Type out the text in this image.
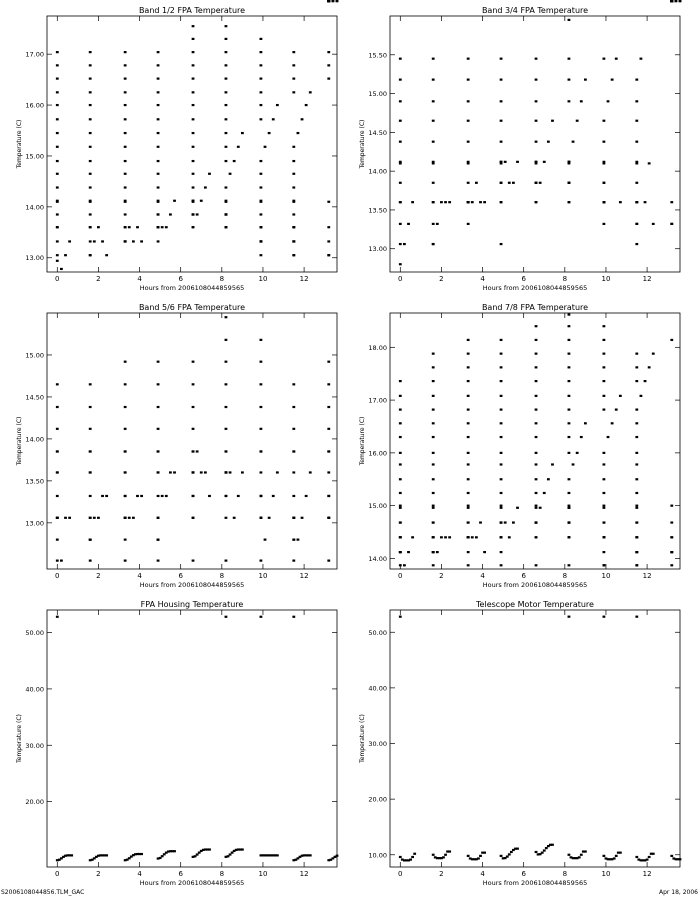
Band 1/2 FPA Temperature
0	2	4	6	8	10	12
13.00
14.00
15.00
16.00
17.00
Hours from 2006108044859565
Temperature (C)
Band 3/4 FPA Temperature
0	2	4	6	8	10	12
13.00
13.50
14.00
14.50
15.00
15.50
Hours from 2006108044859565
Temperature (C)
Band 5/6 FPA Temperature
0	2	4	6	8	10	12
13.00
13.50
14.00
14.50
15.00
Hours from 2006108044859565
Temperature (C)
Band 7/8 FPA Temperature
0	2	4	6	8	10	12
14.00
15.00
16.00
17.00
18.00
Hours from 2006108044859565
Temperature (C)
FPA Housing Temperature
0	2	4	6	8	10	12
20.00
30.00
40.00
50.00
Hours from 2006108044859565
Temperature (C)
Telescope Motor Temperature
0	2	4	6	8	10	12
10.00
20.00
30.00
40.00
50.00
Hours from 2006108044859565
Temperature (C)
S2006108044856.TLM_GAC	Apr 18, 2006
